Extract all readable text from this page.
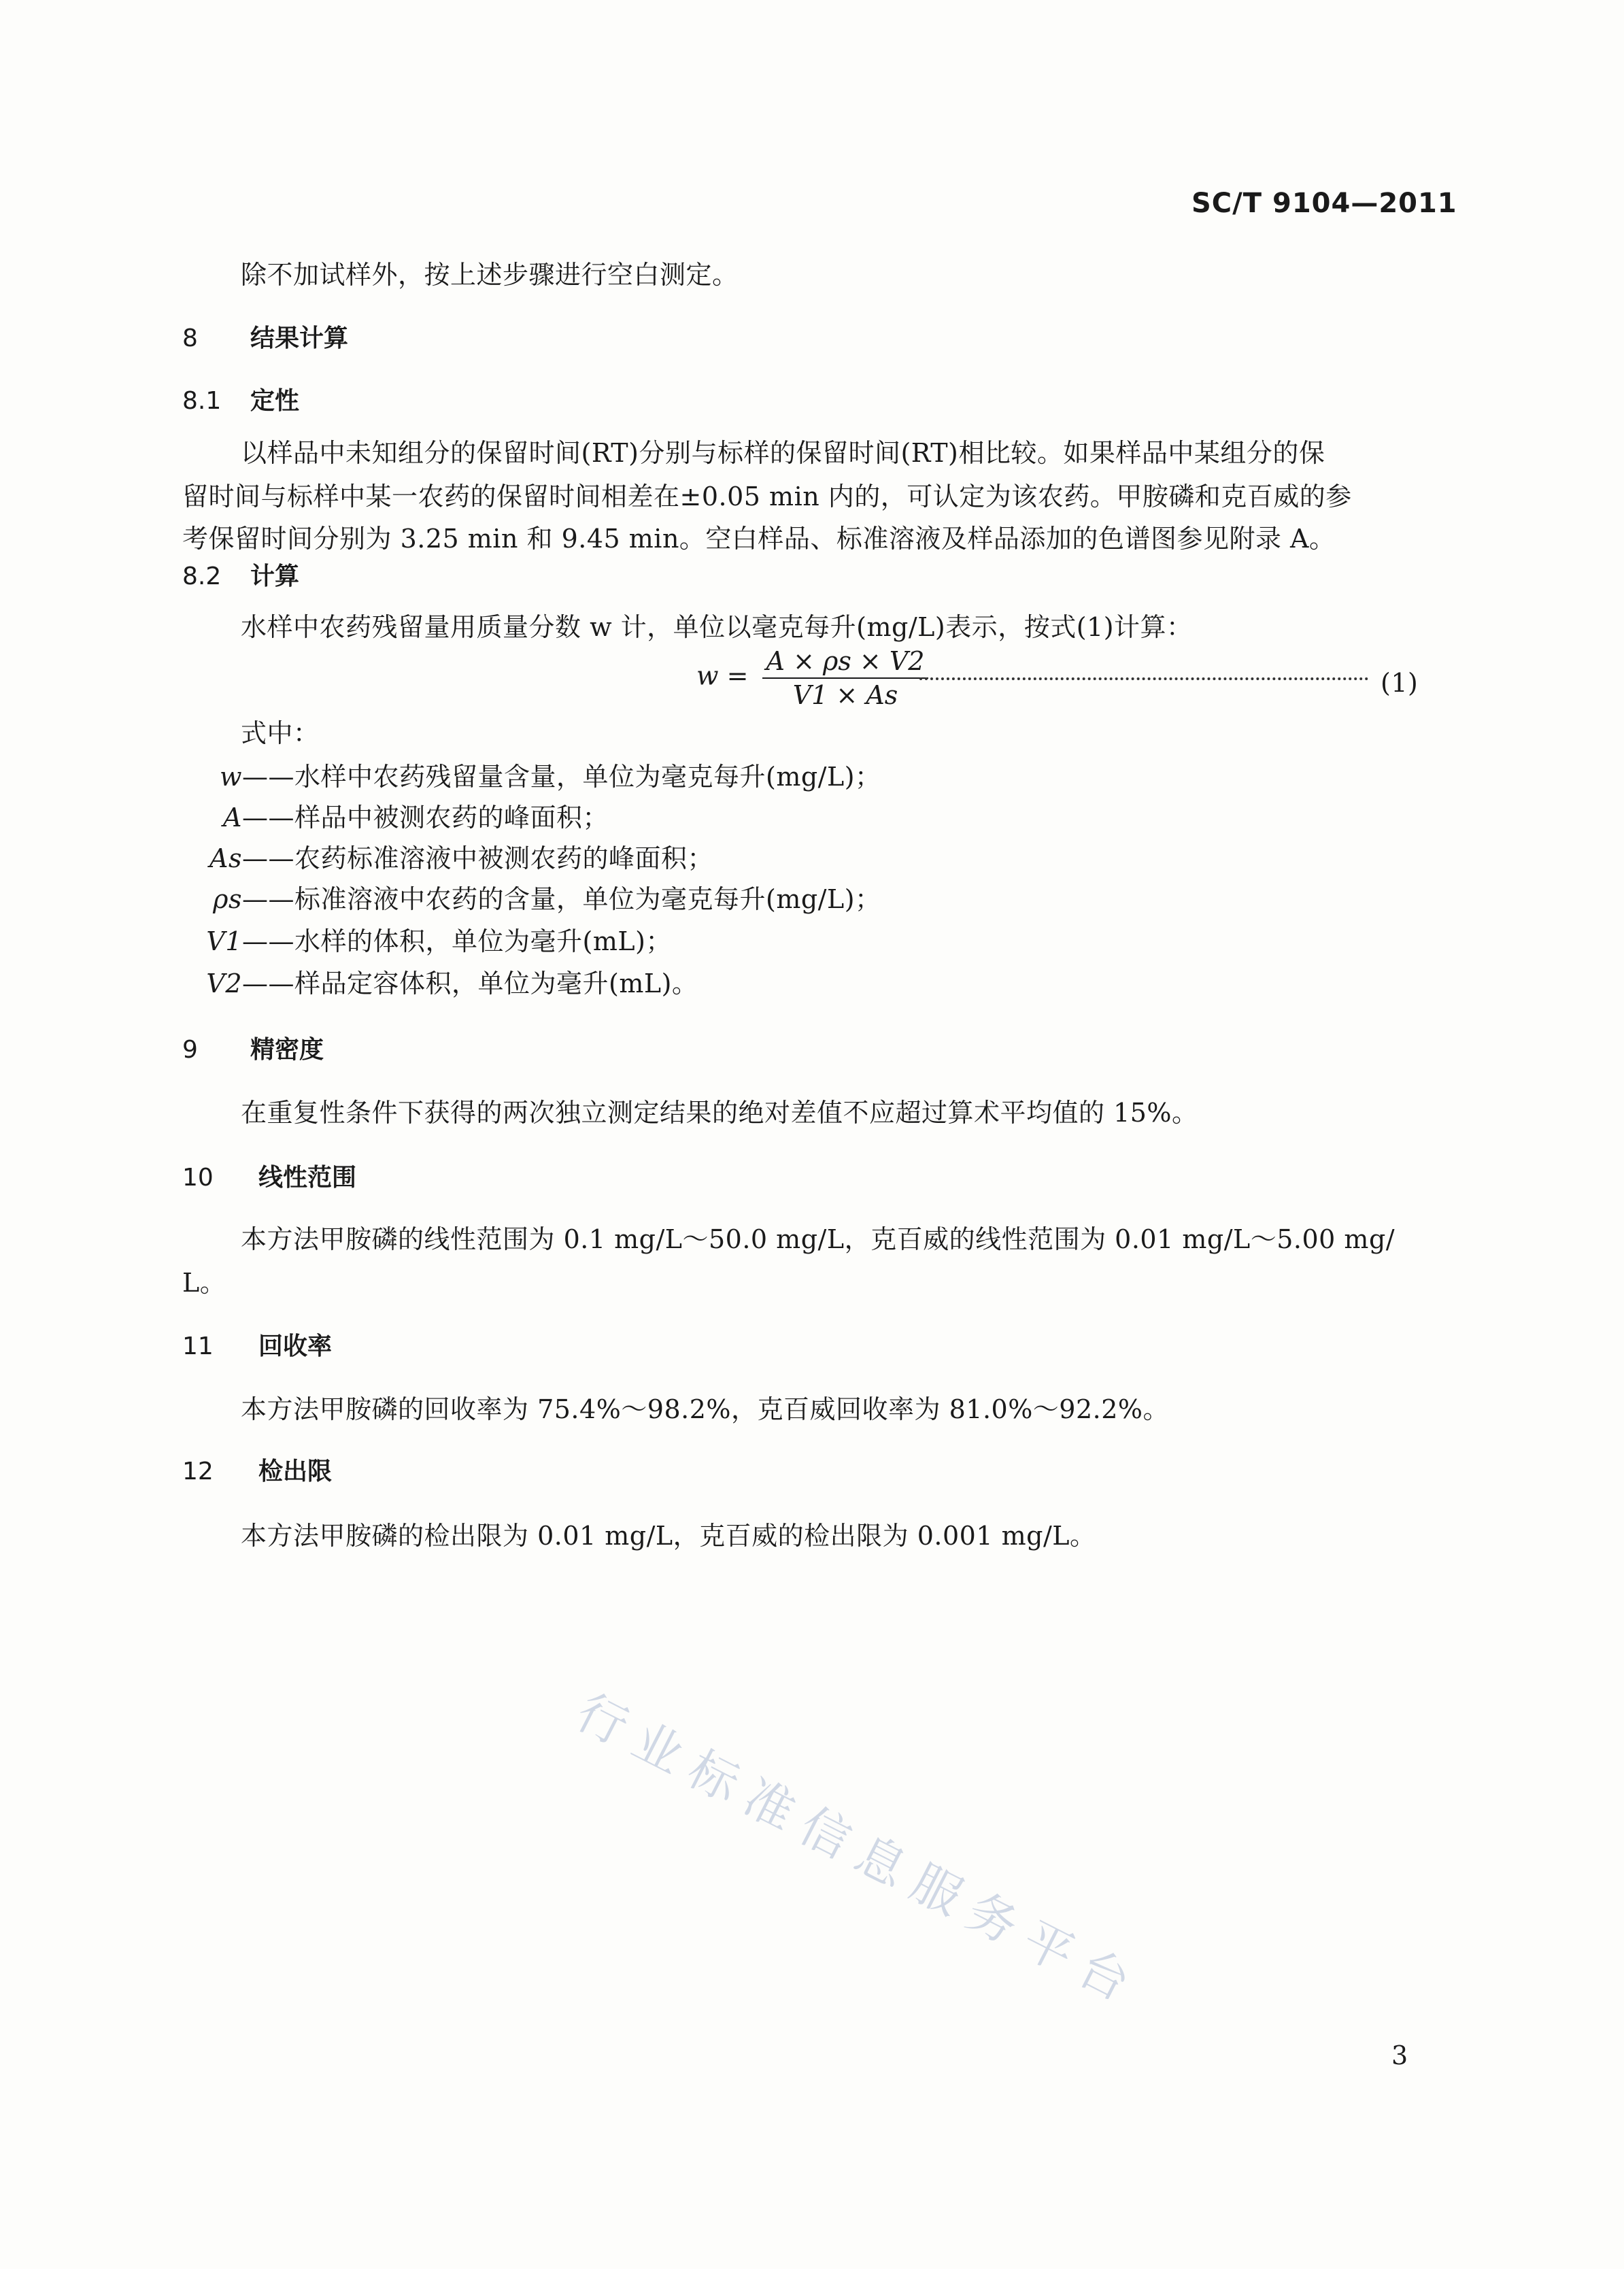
SC/T 9104—2011
除不加试样外，按上述步骤进行空白测定。
8 结果计算
8.1 定性
以样品中未知组分的保留时间(RT)分别与标样的保留时间(RT)相比较。如果样品中某组分的保
留时间与标样中某一农药的保留时间相差在±0.05 min 内的，可认定为该农药。甲胺磷和克百威的参
考保留时间分别为 3.25 min 和 9.45 min。空白样品、标准溶液及样品添加的色谱图参见附录 A。
8.2 计算
水样中农药残留量用质量分数 w 计，单位以毫克每升(mg/L)表示，按式(1)计算：
$w = \frac{A \times \rho s \times V2}{V1 \times As}$	(1)
式中：
w——水样中农药残留量含量，单位为毫克每升(mg/L)；
A——样品中被测农药的峰面积；
As——农药标准溶液中被测农药的峰面积；
ρs——标准溶液中农药的含量，单位为毫克每升(mg/L)；
V1——水样的体积，单位为毫升(mL)；
V2——样品定容体积，单位为毫升(mL)。
9 精密度
在重复性条件下获得的两次独立测定结果的绝对差值不应超过算术平均值的 15%。
10 线性范围
本方法甲胺磷的线性范围为 0.1 mg/L～50.0 mg/L，克百威的线性范围为 0.01 mg/L～5.00 mg/
L。
11 回收率
本方法甲胺磷的回收率为 75.4%～98.2%，克百威回收率为 81.0%～92.2%。
12 检出限
本方法甲胺磷的检出限为 0.01 mg/L，克百威的检出限为 0.001 mg/L。
行业标准信息服务平台
3
